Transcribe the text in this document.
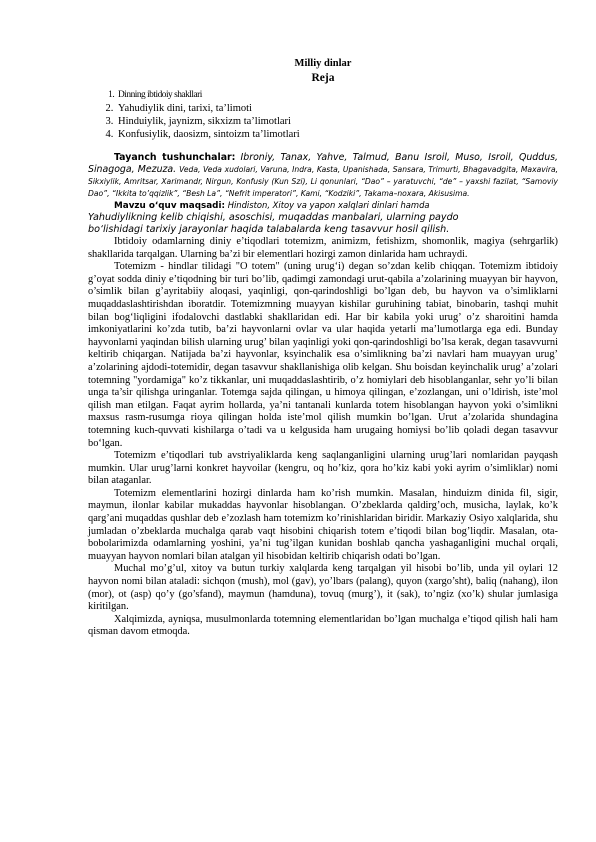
Milliy dinlar
Reja
1. Dinning ibtidoiy shakllari
2. Yahudiylik dini, tarixi, ta’limoti
3. Hinduiylik, jaynizm, sikxizm ta’limotlari
4. Konfusiylik, daosizm, sintoizm ta’limotlari
Tayanch tushunchalar: Ibroniy, Tanax, Yahve, Talmud, Banu Isroil, Muso, Isroil, Quddus, Sinagoga, Mezuza. Veda, Veda xudolari, Varuna, Indra, Kasta, Upanishada, Sansara, Trimurti, Bhagavadgita, Maxavira, Sikxiylik, Amritsar, Xarimandr, Nirgun, Konfusiy (Kun Szi), Li qonunlari, “Dao” – yaratuvchi, “de” – yaxshi fazilat, “Samoviy Dao”, “Ikkita to’qqizlik”, “Besh La”, “Nefrit imperatori”, Kami, “Kodziki”, Takama–noxara, Akisusima.
Mavzu o‘quv maqsadi: Hindiston, Xitoy va yapon xalqlari dinlari hamda
Yahudiylikning kelib chiqishi, asoschisi, muqaddas manbalari, ularning paydo
bo‘lishidagi tarixiy jarayonlar haqida talabalarda keng tasavvur hosil qilish.

Ibtidoiy odamlarning diniy e’tiqodlari totemizm, animizm, fetishizm, shomonlik, magiya (sehrgarlik) shakllarida tarqalgan. Ularning ba’zi bir elementlari hozirgi zamon dinlarida ham uchraydi.

Totemizm - hindlar tilidagi "O totem" (uning urug‘i) degan so’zdan kelib chiqqan. Totemizm ibtidoiy g’oyat sodda diniy e’tiqodning bir turi bo’lib, qadimgi zamondagi urut-qabila a’zolarining muayyan bir hayvon, o’simlik bilan g’ayritabiiy aloqasi, yaqinligi, qon-qarindoshligi bo’lgan deb, bu hayvon va o’simliklarni muqaddaslashtirishdan iboratdir. Totemizmning muayyan kishilar guruhining tabiat, binobarin, tashqi muhit bilan bog‘liqligini ifodalovchi dastlabki shakllaridan edi. Har bir kabila yoki urug’ o’z sharoitini hamda imkoniyatlarini ko’zda tutib, ba’zi hayvonlarni ovlar va ular haqida yetarli ma’lumotlarga ega edi. Bunday hayvonlarni yaqindan bilish ularning urug’ bilan yaqinligi yoki qon-qarindoshligi bo’lsa kerak, degan tasavvurni keltirib chiqargan. Natijada ba’zi hayvonlar, ksyinchalik esa o’simlikning ba’zi navlari ham muayyan urug’ a’zolarining ajdodi-totemidir, degan tasavvur shakllanishiga olib kelgan. Shu boisdan keyinchalik urug’ a’zolari totemning "yordamiga" ko’z tikkanlar, uni muqaddaslashtirib, o’z homiylari deb hisoblanganlar, sehr yo’li bilan unga ta’sir qilishga uringanlar. Totemga sajda qilingan, u himoya qilingan, e’zozlangan, uni o’ldirish, iste’mol qilish man etilgan. Faqat ayrim hollarda, ya’ni tantanali kunlarda totem hisoblangan hayvon yoki o’simlikni maxsus rasm-rusumga rioya qilingan holda iste’mol qilish mumkin bo’lgan. Urut a’zolarida shundagina totemning kuch-quvvati kishilarga o’tadi va u kelgusida ham urugaing homiysi bo’lib qoladi degan tasavvur bo‘lgan.

Totemizm e’tiqodlari tub avstriyaliklarda keng saqlanganligini ularning urug’lari nomlaridan payqash mumkin. Ular urug’larni konkret hayvoilar (kengru, oq ho’kiz, qora ho’kiz kabi yoki ayrim o’simliklar) nomi bilan ataganlar.

Totemizm elementlarini hozirgi dinlarda ham ko’rish mumkin. Masalan, hinduizm dinida fil, sigir, maymun, ilonlar kabilar mukaddas hayvonlar hisoblangan. O’zbeklarda qaldirg’och, musicha, laylak, ko’k qarg’ani muqaddas qushlar deb e’zozlash ham totemizm ko’rinishlaridan biridir. Markaziy Osiyo xalqlarida, shu jumladan o’zbeklarda muchalga qarab vaqt hisobini chiqarish totem e’tiqodi bilan bog’liqdir. Masalan, ota-bobolarimizda odamlarning yoshini, ya’ni tug’ilgan kunidan boshlab qancha yashaganligini muchal orqali, muayyan hayvon nomlari bilan atalgan yil hisobidan keltirib chiqarish odati bo’lgan.

Muchal mo’g’ul, xitoy va butun turkiy xalqlarda keng tarqalgan yil hisobi bo’lib, unda yil oylari 12 hayvon nomi bilan ataladi: sichqon (mush), mol (gav), yo’lbars (palang), quyon (xargo’sht), baliq (nahang), ilon (mor), ot (asp) qo’y (go’sfand), maymun (hamduna), tovuq (murg’), it (sak), to’ngiz (xo’k) shular jumlasiga kiritilgan.

Xalqimizda, ayniqsa, musulmonlarda totemning elementlaridan bo’lgan muchalga e’tiqod qilish hali ham qisman davom etmoqda.
